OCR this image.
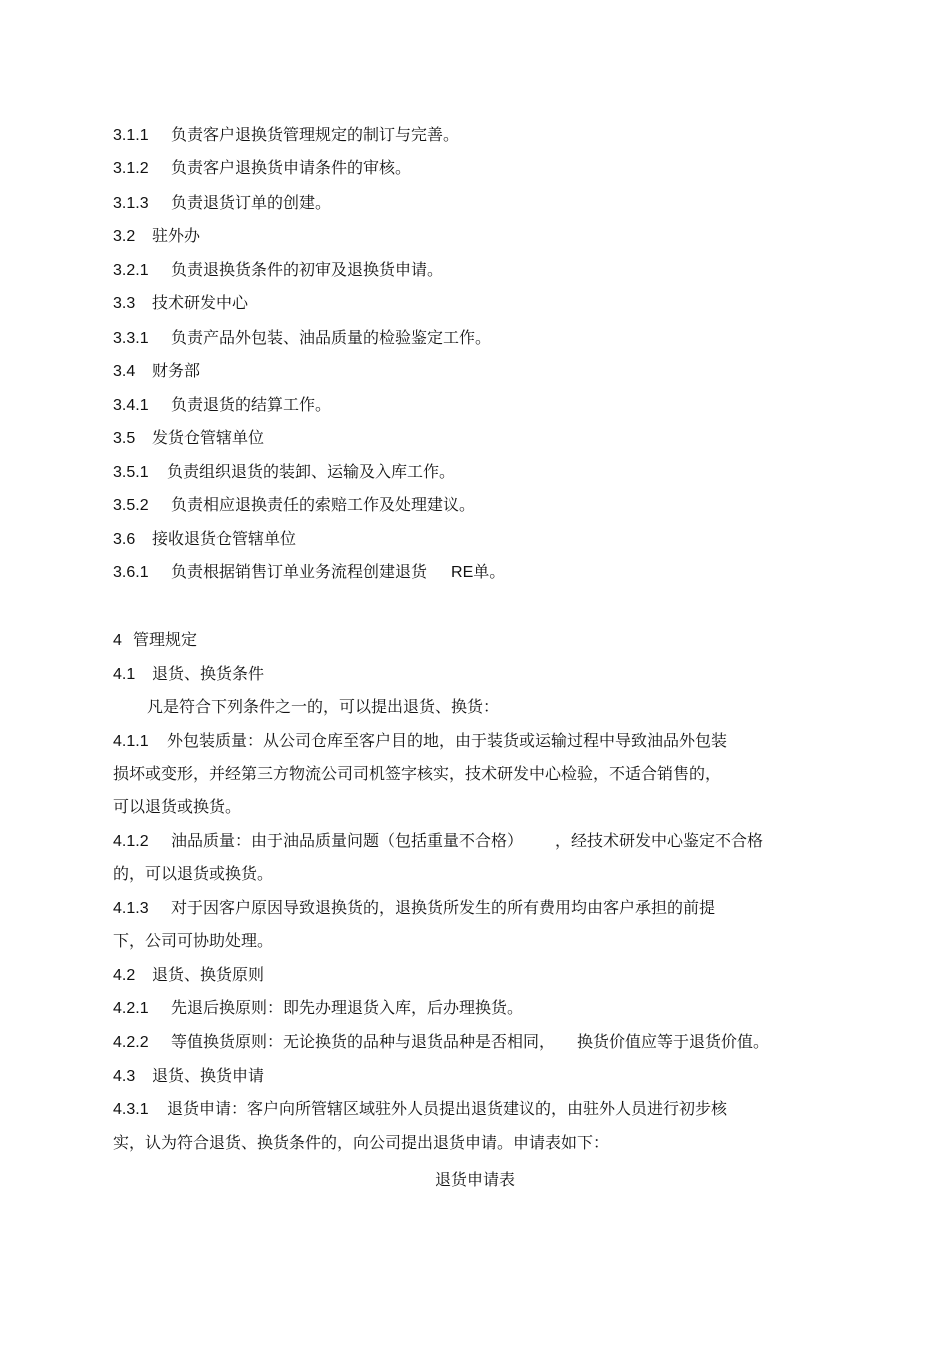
3.1.1 负责客户退换货管理规定的制订与完善。
3.1.2 负责客户退换货申请条件的审核。
3.1.3 负责退货订单的创建。
3.2 驻外办
3.2.1 负责退换货条件的初审及退换货申请。
3.3 技术研发中心
3.3.1 负责产品外包装、油品质量的检验鉴定工作。
3.4 财务部
3.4.1 负责退货的结算工作。
3.5 发货仓管辖单位
3.5.1 负责组织退货的装卸、运输及入库工作。
3.5.2 负责相应退换责任的索赔工作及处理建议。
3.6 接收退货仓管辖单位
3.6.1 负责根据销售订单业务流程创建退货 RE单。
4 管理规定
4.1 退货、换货条件
凡是符合下列条件之一的，可以提出退货、换货：
4.1.1 外包装质量：从公司仓库至客户目的地，由于装货或运输过程中导致油品外包装
损坏或变形，并经第三方物流公司司机签字核实，技术研发中心检验，不适合销售的，
可以退货或换货。
4.1.2 油品质量：由于油品质量问题（包括重量不合格） ，经技术研发中心鉴定不合格
的，可以退货或换货。
4.1.3 对于因客户原因导致退换货的，退换货所发生的所有费用均由客户承担的前提
下，公司可协助处理。
4.2 退货、换货原则
4.2.1 先退后换原则：即先办理退货入库，后办理换货。
4.2.2 等值换货原则：无论换货的品种与退货品种是否相同， 换货价值应等于退货价值。
4.3 退货、换货申请
4.3.1 退货申请：客户向所管辖区域驻外人员提出退货建议的，由驻外人员进行初步核
实，认为符合退货、换货条件的，向公司提出退货申请。申请表如下：
退货申请表
